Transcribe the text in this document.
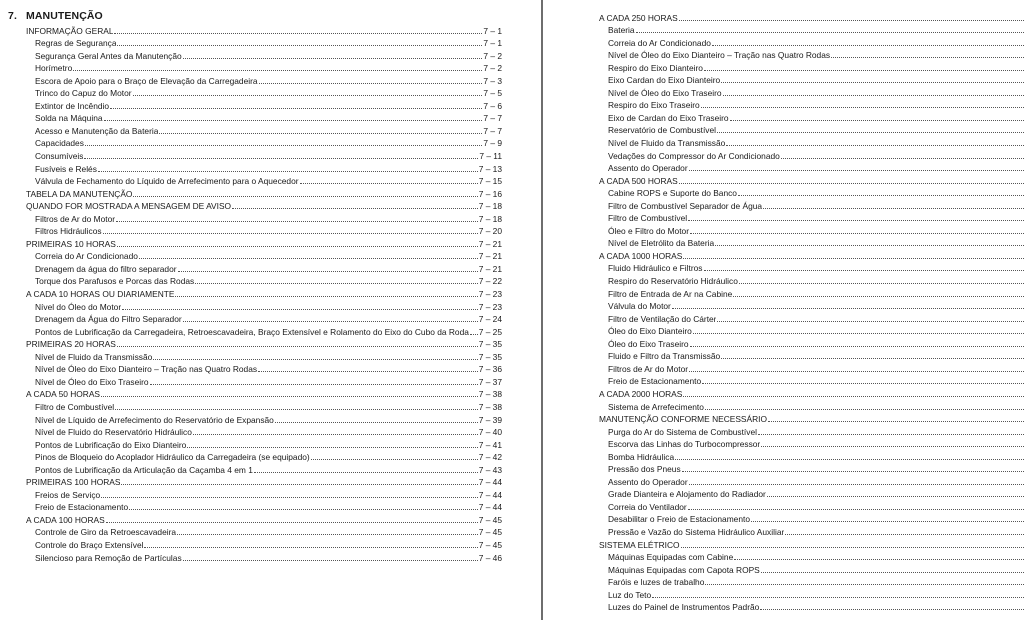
7. MANUTENÇÃO
INFORMAÇÃO GERAL	7 – 1
Regras de Segurança	7 – 1
Segurança Geral Antes da Manutenção	7 – 2
Horímetro	7 – 2
Escora de Apoio para o Braço de Elevação da Carregadeira	7 – 3
Trinco do Capuz do Motor	7 – 5
Extintor de Incêndio	7 – 6
Solda na Máquina	7 – 7
Acesso e Manutenção da Bateria	7 – 7
Capacidades	7 – 9
Consumíveis	7 – 11
Fusíveis e Relés	7 – 13
Válvula de Fechamento do Líquido de Arrefecimento para o Aquecedor	7 – 15
TABELA DA MANUTENÇÃO	7 – 16
QUANDO FOR MOSTRADA A MENSAGEM DE AVISO	7 – 18
Filtros de Ar do Motor	7 – 18
Filtros Hidráulicos	7 – 20
PRIMEIRAS 10 HORAS	7 – 21
Correia do Ar Condicionado	7 – 21
Drenagem da água do filtro separador	7 – 21
Torque dos Parafusos e Porcas das Rodas	7 – 22
A CADA 10 HORAS OU DIARIAMENTE	7 – 23
Nível do Óleo do Motor	7 – 23
Drenagem da Água do Filtro Separador	7 – 24
Pontos de Lubrificação da Carregadeira, Retroescavadeira, Braço Extensível e Rolamento do Eixo do Cubo da Roda 7 – 25
PRIMEIRAS 20 HORAS	7 – 35
Nível de Fluido da Transmissão	7 – 35
Nível de Óleo do Eixo Dianteiro – Tração nas Quatro Rodas	7 – 36
Nível de Óleo do Eixo Traseiro	7 – 37
A CADA 50 HORAS	7 – 38
Filtro de Combustível	7 – 38
Nível de Líquido de Arrefecimento do Reservatório de Expansão	7 – 39
Nível de Fluido do Reservatório Hidráulico	7 – 40
Pontos de Lubrificação do Eixo Dianteiro	7 – 41
Pinos de Bloqueio do Acoplador Hidráulico da Carregadeira (se equipado)	7 – 42
Pontos de Lubrificação da Articulação da Caçamba 4 em 1	7 – 43
PRIMEIRAS 100 HORAS	7 – 44
Freios de Serviço	7 – 44
Freio de Estacionamento	7 – 44
A CADA 100 HORAS	7 – 45
Controle de Giro da Retroescavadeira	7 – 45
Controle do Braço Extensível	7 – 45
Silencioso para Remoção de Partículas	7 – 46
A CADA 250 HORAS
Bateria
Correia do Ar Condicionado
Nível de Óleo do Eixo Dianteiro – Tração nas Quatro Rodas
Respiro do Eixo Dianteiro
Eixo Cardan do Eixo Dianteiro
Nível de Óleo do Eixo Traseiro
Respiro do Eixo Traseiro
Eixo de Cardan do Eixo Traseiro
Reservatório de Combustível
Nível de Fluido da Transmissão
Vedações do Compressor do Ar Condicionado
Assento do Operador
A CADA 500 HORAS
Cabine ROPS e Suporte do Banco
Filtro de Combustível Separador de Água
Filtro de Combustível
Óleo e Filtro do Motor
Nível de Eletrólito da Bateria
A CADA 1000 HORAS
Fluido Hidráulico e Filtros
Respiro do Reservatório Hidráulico
Filtro de Entrada de Ar na Cabine
Válvula do Motor
Filtro de Ventilação do Cárter
Óleo do Eixo Dianteiro
Óleo do Eixo Traseiro
Fluido e Filtro da Transmissão
Filtros de Ar do Motor
Freio de Estacionamento
A CADA 2000 HORAS
Sistema de Arrefecimento
MANUTENÇÃO CONFORME NECESSÁRIO
Purga do Ar do Sistema de Combustível
Escorva das Linhas do Turbocompressor
Bomba Hidráulica
Pressão dos Pneus
Assento do Operador
Grade Dianteira e Alojamento do Radiador
Correia do Ventilador
Desabilitar o Freio de Estacionamento
Pressão e Vazão do Sistema Hidráulico Auxiliar
SISTEMA ELÉTRICO
Máquinas Equipadas com Cabine
Máquinas Equipadas com Capota ROPS
Faróis e luzes de trabalho
Luz do Teto
Luzes do Painel de Instrumentos Padrão
